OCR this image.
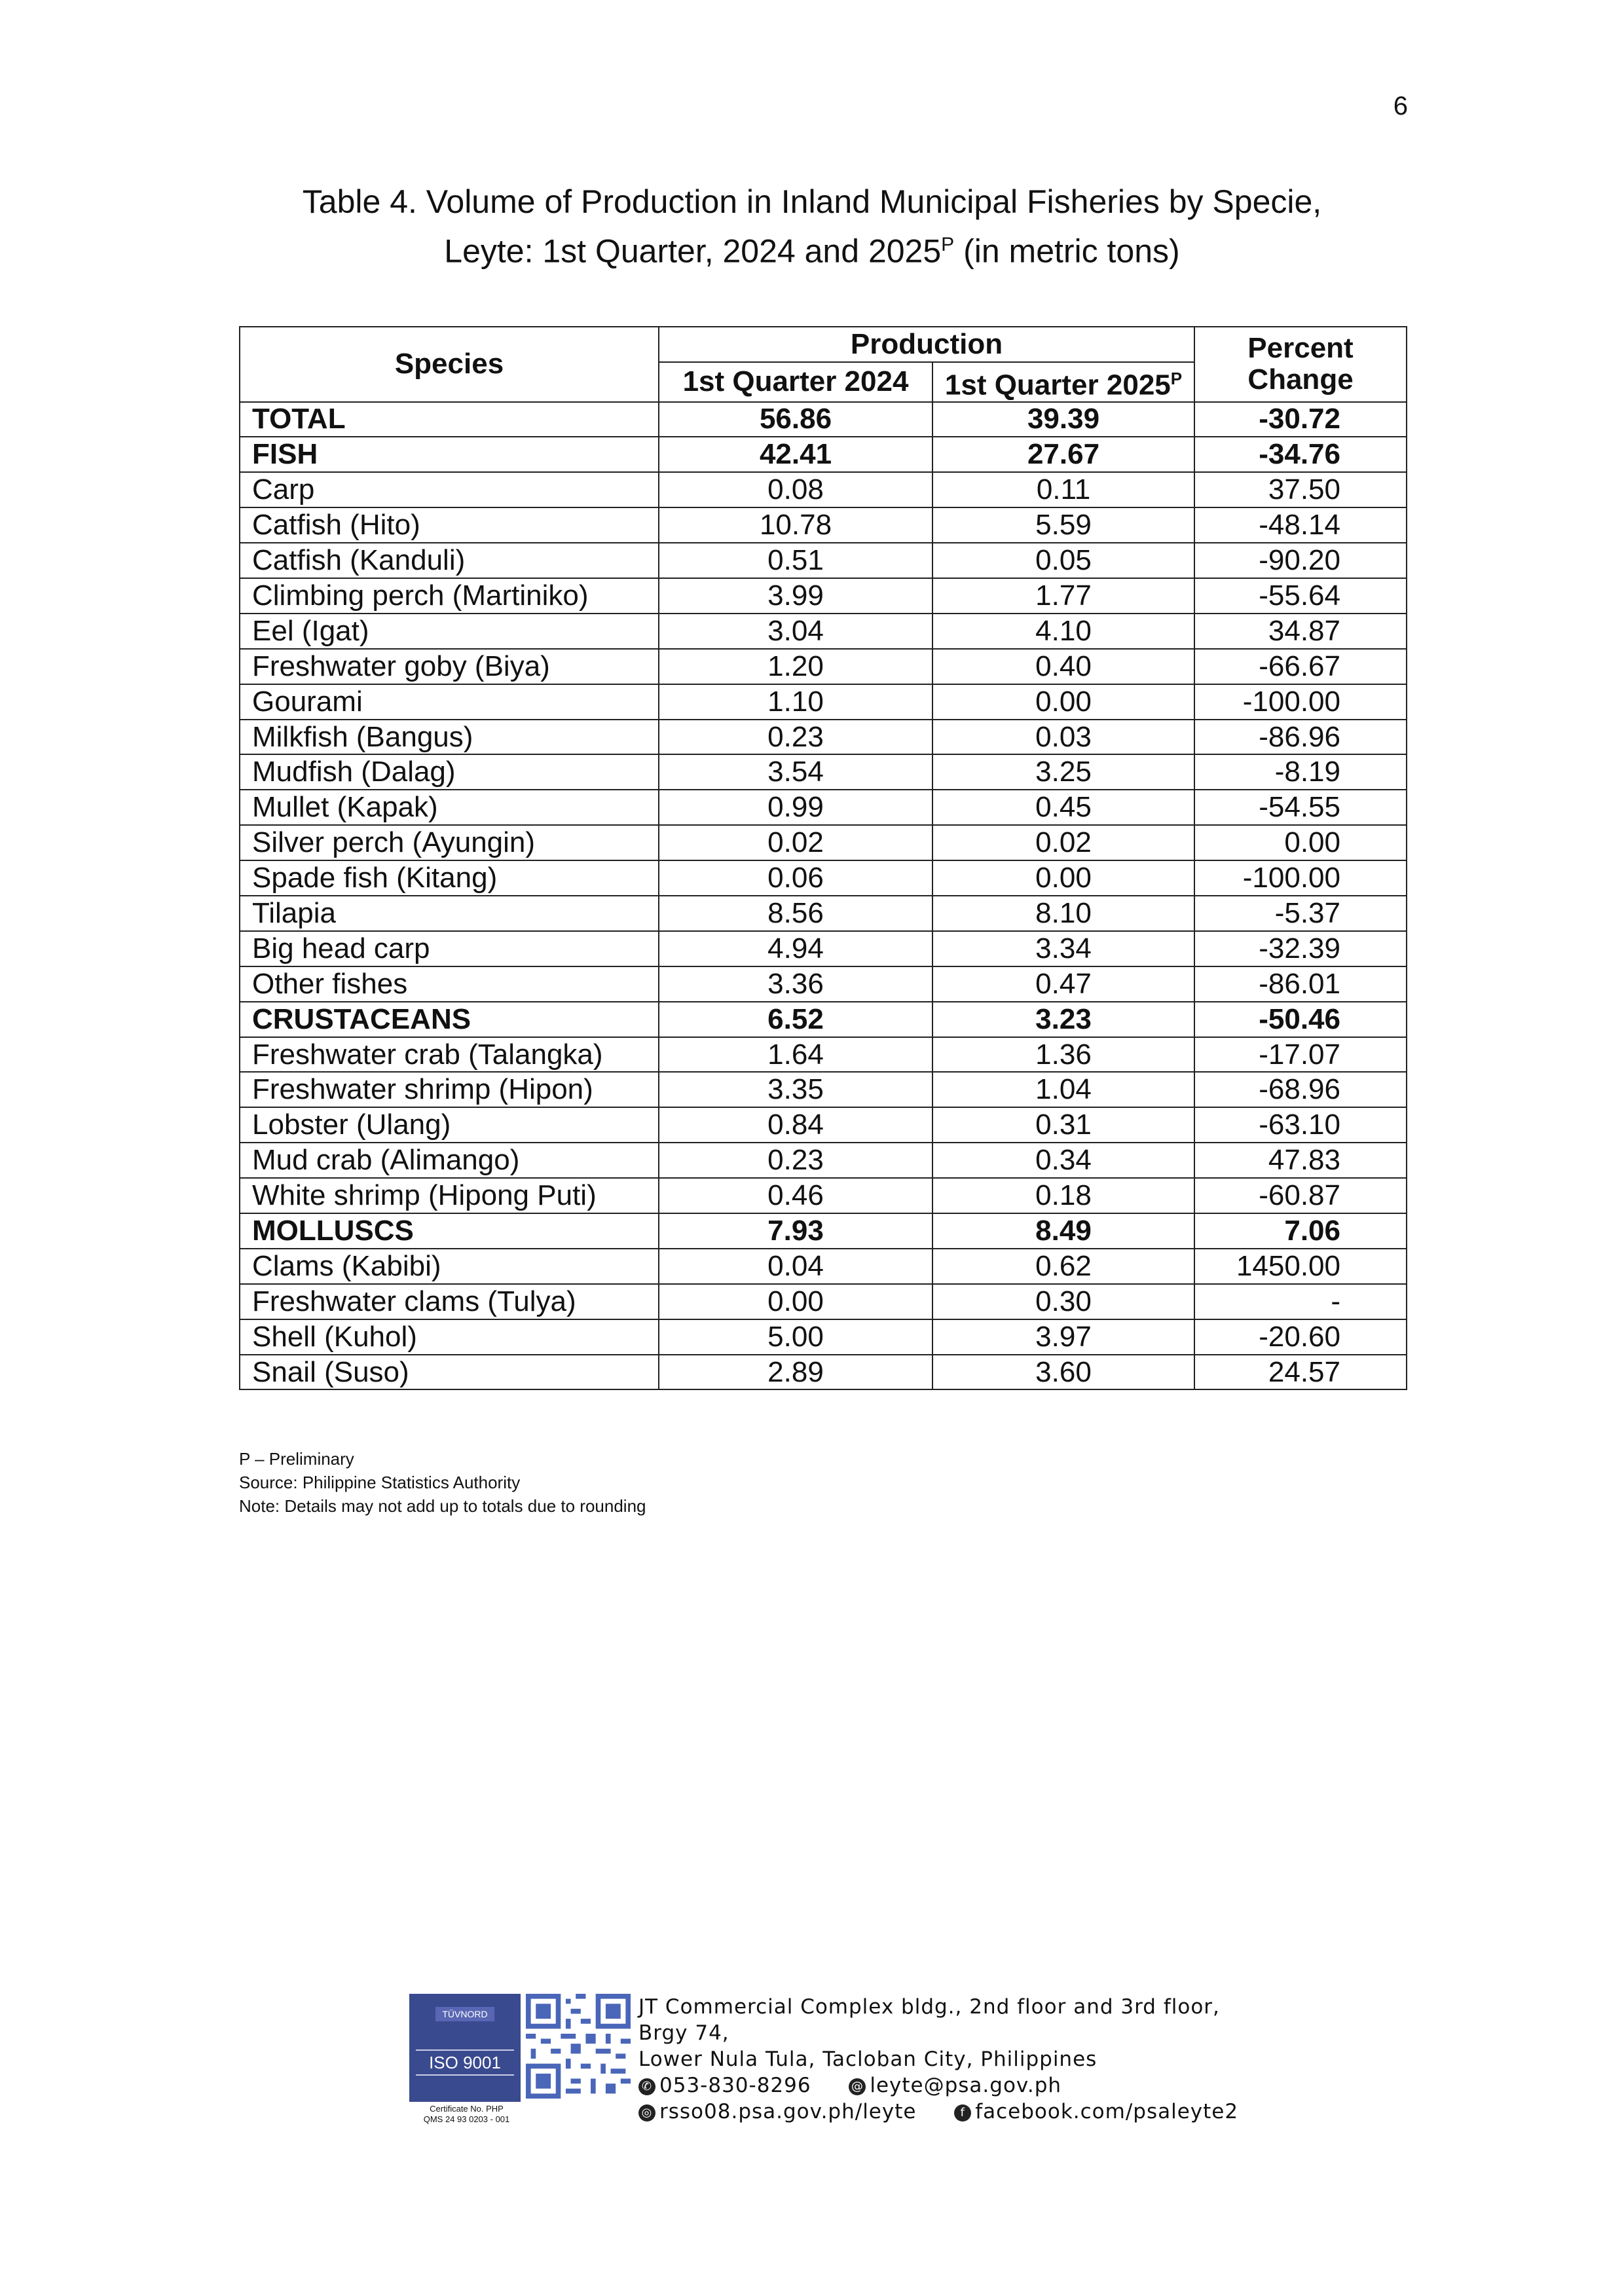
6
Table 4. Volume of Production in Inland Municipal Fisheries by Specie,
Leyte: 1st Quarter, 2024 and $2025^P$ (in metric tons)
Species	Production		Percent
Change

	1st Quarter 2024	1st Quarter $2025^P$
TOTAL	56.86	39.39	-30.72
FISH	42.41	27.67	-34.76
Carp	0.08	0.11	37.50
Catfish (Hito)	10.78	5.59	-48.14
Catfish (Kanduli)	0.51	0.05	-90.20
Climbing perch (Martiniko)	3.99	1.77	-55.64
Eel (Igat)	3.04	4.10	34.87
Freshwater goby (Biya)	1.20	0.40	-66.67
Gourami	1.10	0.00	-100.00
Milkfish (Bangus)	0.23	0.03	-86.96
Mudfish (Dalag)	3.54	3.25	-8.19
Mullet (Kapak)	0.99	0.45	-54.55
Silver perch (Ayungin)	0.02	0.02	0.00
Spade fish (Kitang)	0.06	0.00	-100.00
Tilapia	8.56	8.10	-5.37
Big head carp	4.94	3.34	-32.39
Other fishes	3.36	0.47	-86.01
CRUSTACEANS	6.52	3.23	-50.46
Freshwater crab (Talangka)	1.64	1.36	-17.07
Freshwater shrimp (Hipon)	3.35	1.04	-68.96
Lobster (Ulang)	0.84	0.31	-63.10
Mud crab (Alimango)	0.23	0.34	47.83
White shrimp (Hipong Puti)	0.46	0.18	-60.87
MOLLUSCS	7.93	8.49	7.06
Clams (Kabibi)	0.04	0.62	1450.00
Freshwater clams (Tulya)	0.00	0.30	-
Shell (Kuhol)	5.00	3.97	-20.60
Snail (Suso)	2.89	3.60	24.57
P – Preliminary
Source: Philippine Statistics Authority
Note: Details may not add up to totals due to rounding
TÜVNORD
ISO 9001
Certificate No. PHP
QMS 24 93 0203 - 001
JT Commercial Complex bldg., 2nd floor and 3rd floor, Brgy 74,
Lower Nula Tula, Tacloban City, Philippines
✆ 053-830-8296	@ leyte@psa.gov.ph
◎ rsso08.psa.gov.ph/leyte	f facebook.com/psaleyte2
